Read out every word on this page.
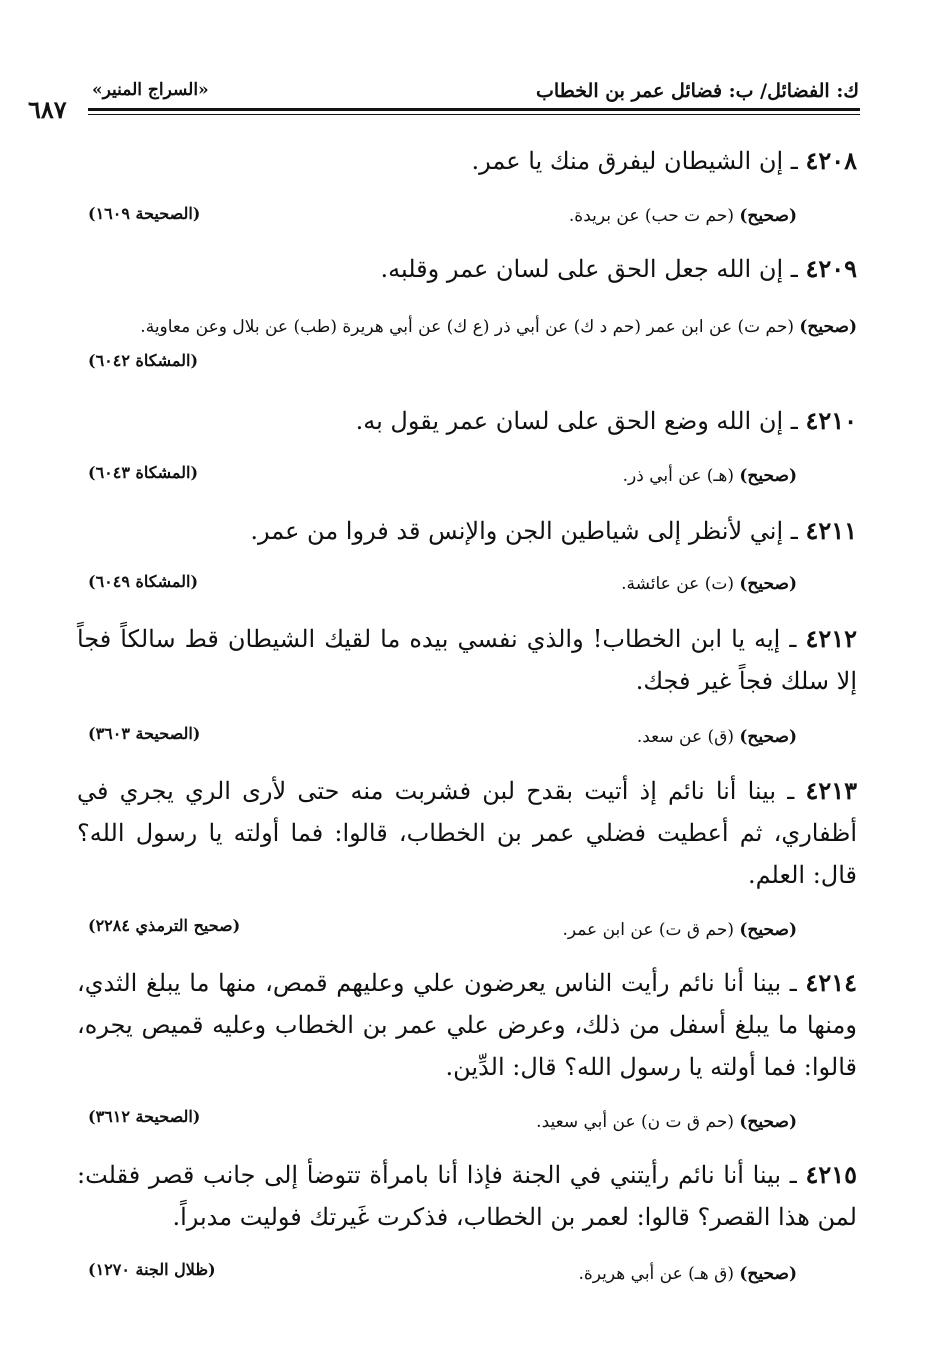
ك: الفضائل/ ب: فضائل عمر بن الخطاب
«السراج المنير»
٦٨٧
٤٢٠٨ ـ إن الشيطان ليفرق منك يا عمر.
(صحيح) (حم ت حب) عن بريدة.
(الصحيحة ١٦٠٩)
٤٢٠٩ ـ إن الله جعل الحق على لسان عمر وقلبه.
(صحيح) (حم ت) عن ابن عمر (حم د ك) عن أبي ذر (ع ك) عن أبي هريرة (طب) عن بلال وعن معاوية.
(المشكاة ٦٠٤٢)
٤٢١٠ ـ إن الله وضع الحق على لسان عمر يقول به.
(صحيح) (هـ) عن أبي ذر.
(المشكاة ٦٠٤٣)
٤٢١١ ـ إني لأنظر إلى شياطين الجن والإنس قد فروا من عمر.
(صحيح) (ت) عن عائشة.
(المشكاة ٦٠٤٩)
٤٢١٢ ـ إيه يا ابن الخطاب! والذي نفسي بيده ما لقيك الشيطان قط سالكاً فجاً إلا سلك فجاً غير فجك.
(صحيح) (ق) عن سعد.
(الصحيحة ٣٦٠٣)
٤٢١٣ ـ بينا أنا نائم إذ أتيت بقدح لبن فشربت منه حتى لأرى الري يجري في أظفاري، ثم أعطيت فضلي عمر بن الخطاب، قالوا: فما أولته يا رسول الله؟ قال: العلم.
(صحيح) (حم ق ت) عن ابن عمر.
(صحيح الترمذي ٢٢٨٤)
٤٢١٤ ـ بينا أنا نائم رأيت الناس يعرضون علي وعليهم قمص، منها ما يبلغ الثدي، ومنها ما يبلغ أسفل من ذلك، وعرض علي عمر بن الخطاب وعليه قميص يجره، قالوا: فما أولته يا رسول الله؟ قال: الدِّين.
(صحيح) (حم ق ت ن) عن أبي سعيد.
(الصحيحة ٣٦١٢)
٤٢١٥ ـ بينا أنا نائم رأيتني في الجنة فإذا أنا بامرأة تتوضأ إلى جانب قصر فقلت: لمن هذا القصر؟ قالوا: لعمر بن الخطاب، فذكرت غَيرتك فوليت مدبراً.
(صحيح) (ق هـ) عن أبي هريرة.
(ظلال الجنة ١٢٧٠)
